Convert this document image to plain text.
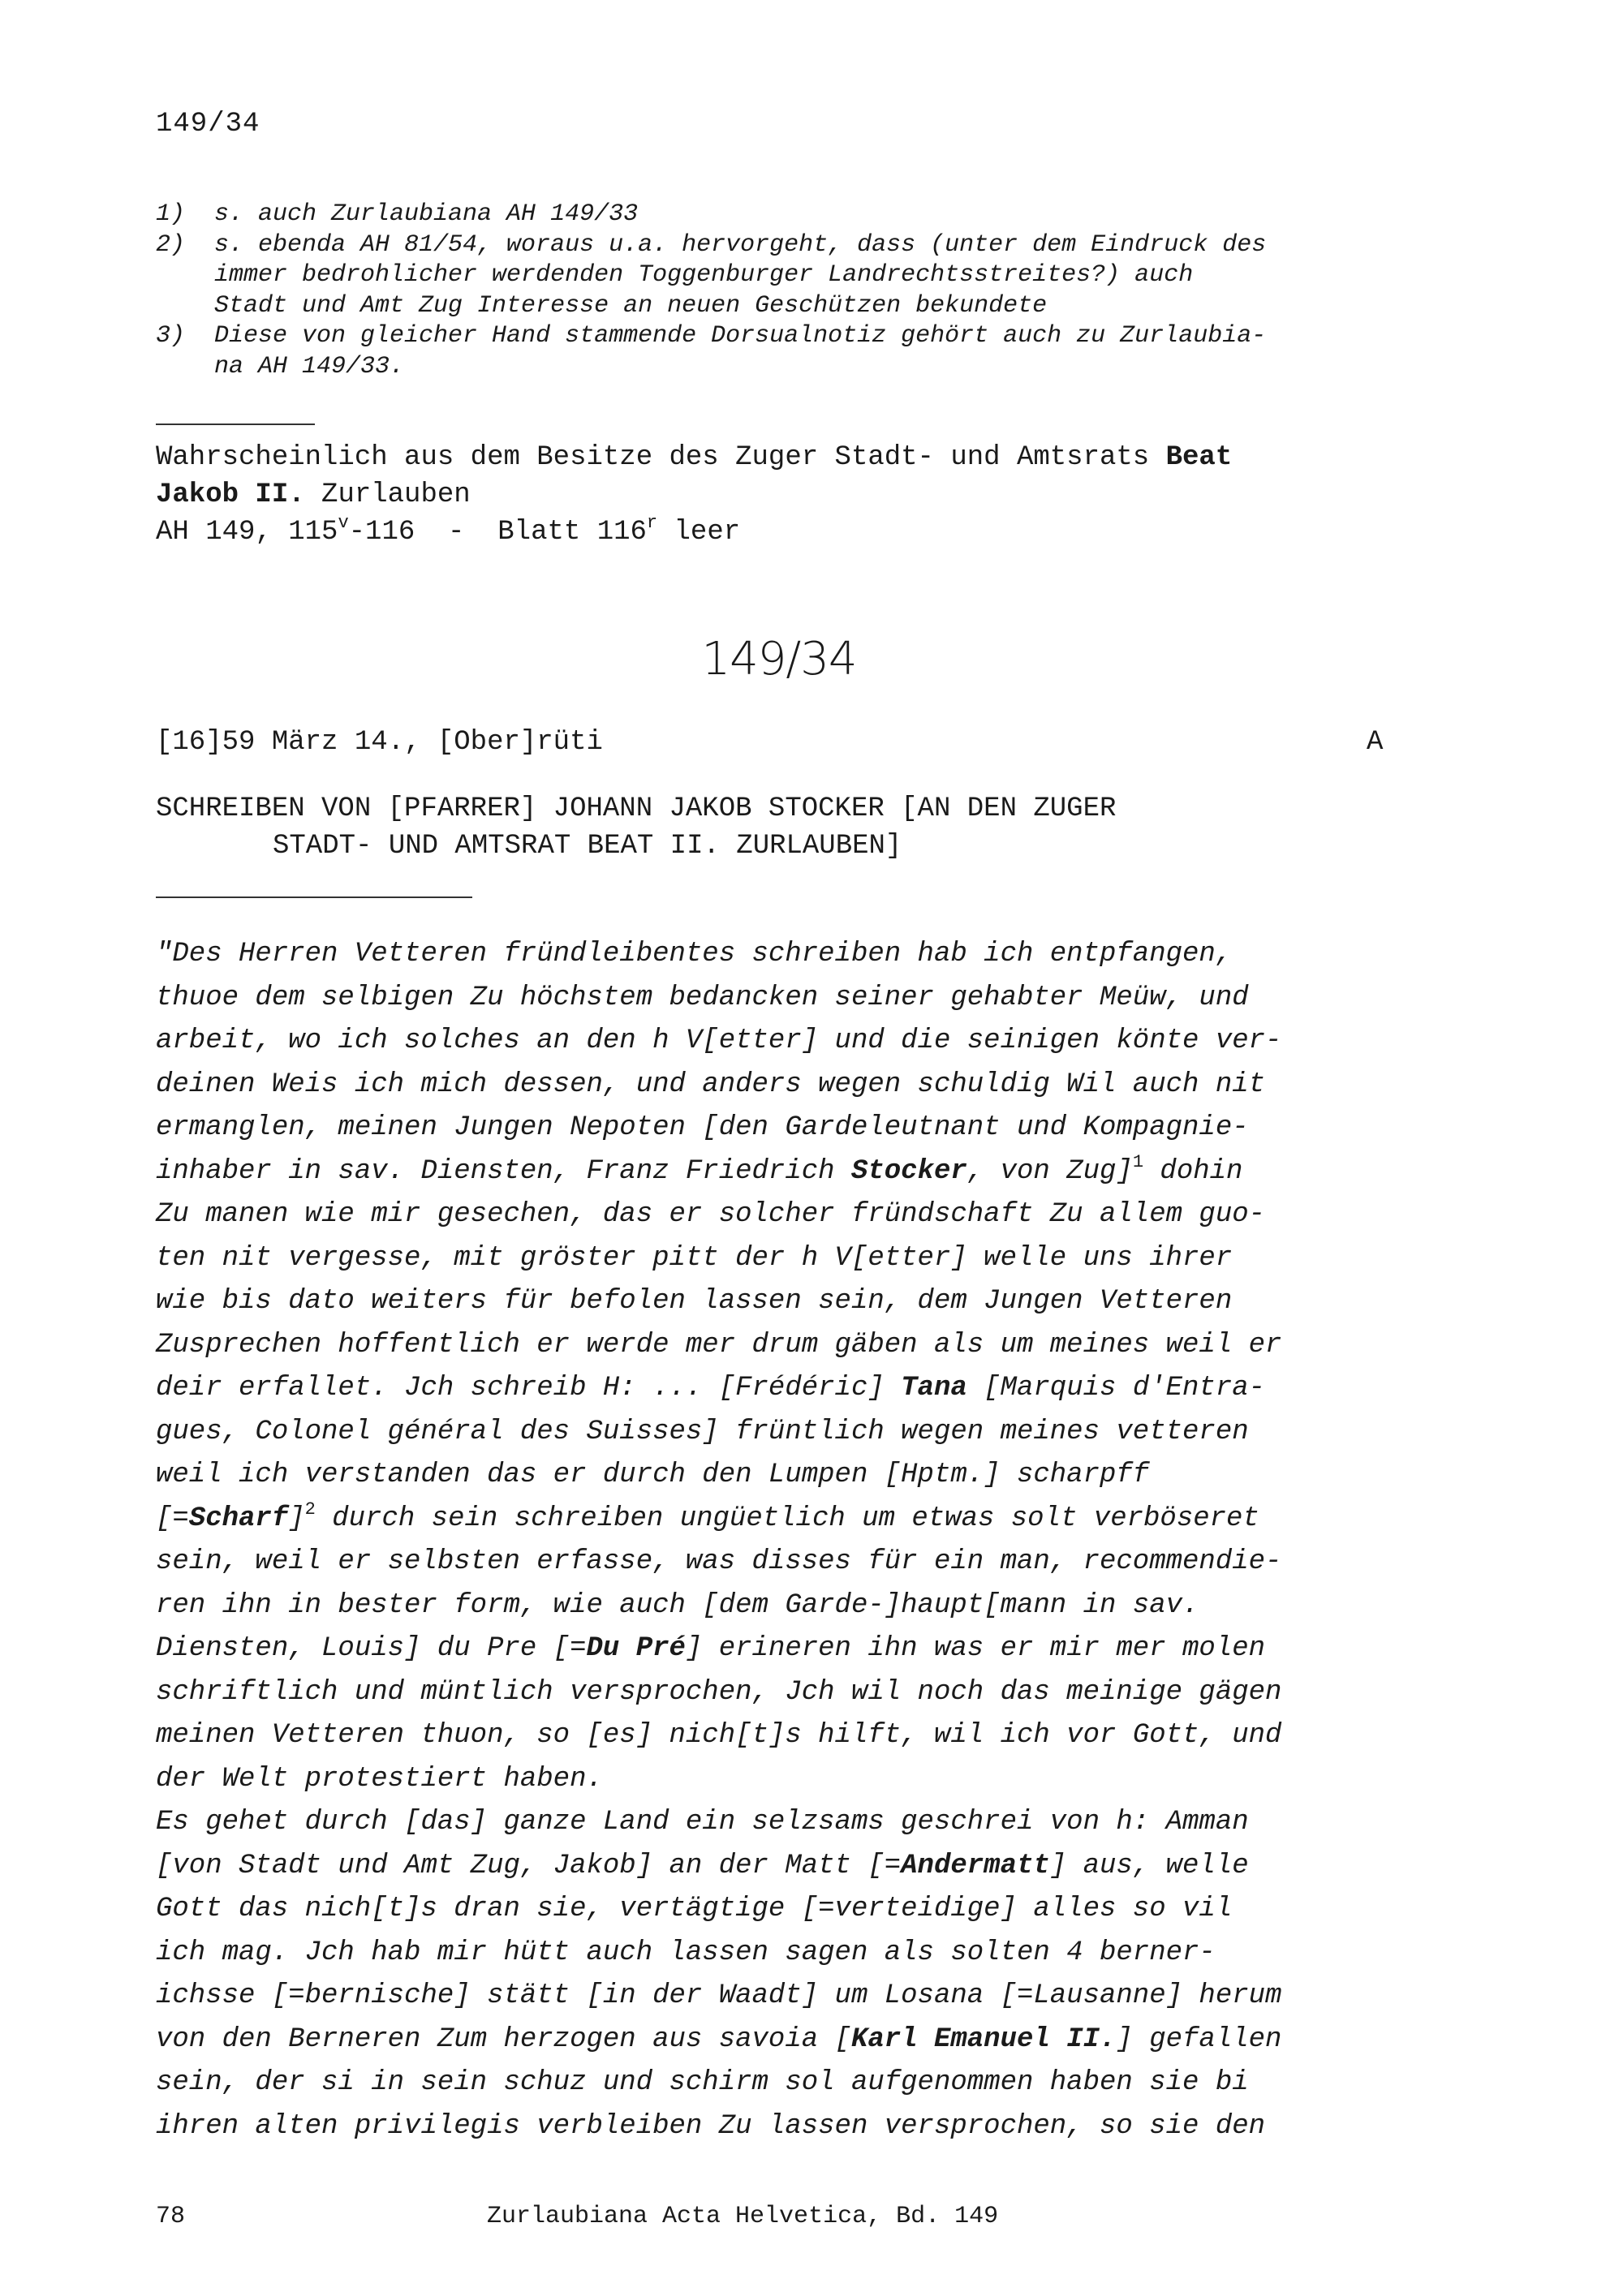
149/34
1)	s. auch Zurlaubiana AH 149/33
2)	s. ebenda AH 81/54, woraus u.a. hervorgeht, dass (unter dem Eindruck des
immer bedrohlicher werdenden Toggenburger Landrechtsstreites?) auch
Stadt und Amt Zug Interesse an neuen Geschützen bekundete
3)	Diese von gleicher Hand stammende Dorsualnotiz gehört auch zu Zurlaubia-
na AH 149/33.
Wahrscheinlich aus dem Besitze des Zuger Stadt- und Amtsrats Beat
Jakob II. Zurlauben
AH 149, 115$^v$-116  -  Blatt 116$^r$ leer
149/34
[16]59 März 14., [Ober]rüti	A
SCHREIBEN VON [PFARRER] JOHANN JAKOB STOCKER [AN DEN ZUGER
STADT- UND AMTSRAT BEAT II. ZURLAUBEN]
"Des Herren Vetteren fründleibentes schreiben hab ich entpfangen,
thuoe dem selbigen Zu höchstem bedancken seiner gehabter Meüw, und
arbeit, wo ich solches an den h V[etter] und die seinigen könte ver-
deinen Weis ich mich dessen, und anders wegen schuldig Wil auch nit
ermanglen, meinen Jungen Nepoten [den Gardeleutnant und Kompagnie-
inhaber in sav. Diensten, Franz Friedrich Stocker, von Zug]$^1$ dohin
Zu manen wie mir gesechen, das er solcher fründschaft Zu allem guo-
ten nit vergesse, mit gröster pitt der h V[etter] welle uns ihrer
wie bis dato weiters für befolen lassen sein, dem Jungen Vetteren
Zusprechen hoffentlich er werde mer drum gäben als um meines weil er
deir erfallet. Jch schreib H: ... [Frédéric] Tana [Marquis d'Entra-
gues, Colonel général des Suisses] früntlich wegen meines vetteren
weil ich verstanden das er durch den Lumpen [Hptm.] scharpff
[=Scharf]$^2$ durch sein schreiben ungüetlich um etwas solt verböseret
sein, weil er selbsten erfasse, was disses für ein man, recommendie-
ren ihn in bester form, wie auch [dem Garde-]haupt[mann in sav.
Diensten, Louis] du Pre [=Du Pré] erineren ihn was er mir mer molen
schriftlich und müntlich versprochen, Jch wil noch das meinige gägen
meinen Vetteren thuon, so [es] nich[t]s hilft, wil ich vor Gott, und
der Welt protestiert haben.
Es gehet durch [das] ganze Land ein selzsams geschrei von h: Amman
[von Stadt und Amt Zug, Jakob] an der Matt [=Andermatt] aus, welle
Gott das nich[t]s dran sie, vertägtige [=verteidige] alles so vil
ich mag. Jch hab mir hütt auch lassen sagen als solten 4 berner-
ichsse [=bernische] stätt [in der Waadt] um Losana [=Lausanne] herum
von den Berneren Zum herzogen aus savoia [Karl Emanuel II.] gefallen
sein, der si in sein schuz und schirm sol aufgenommen haben sie bi
ihren alten privilegis verbleiben Zu lassen versprochen, so sie den
78	Zurlaubiana Acta Helvetica, Bd. 149
